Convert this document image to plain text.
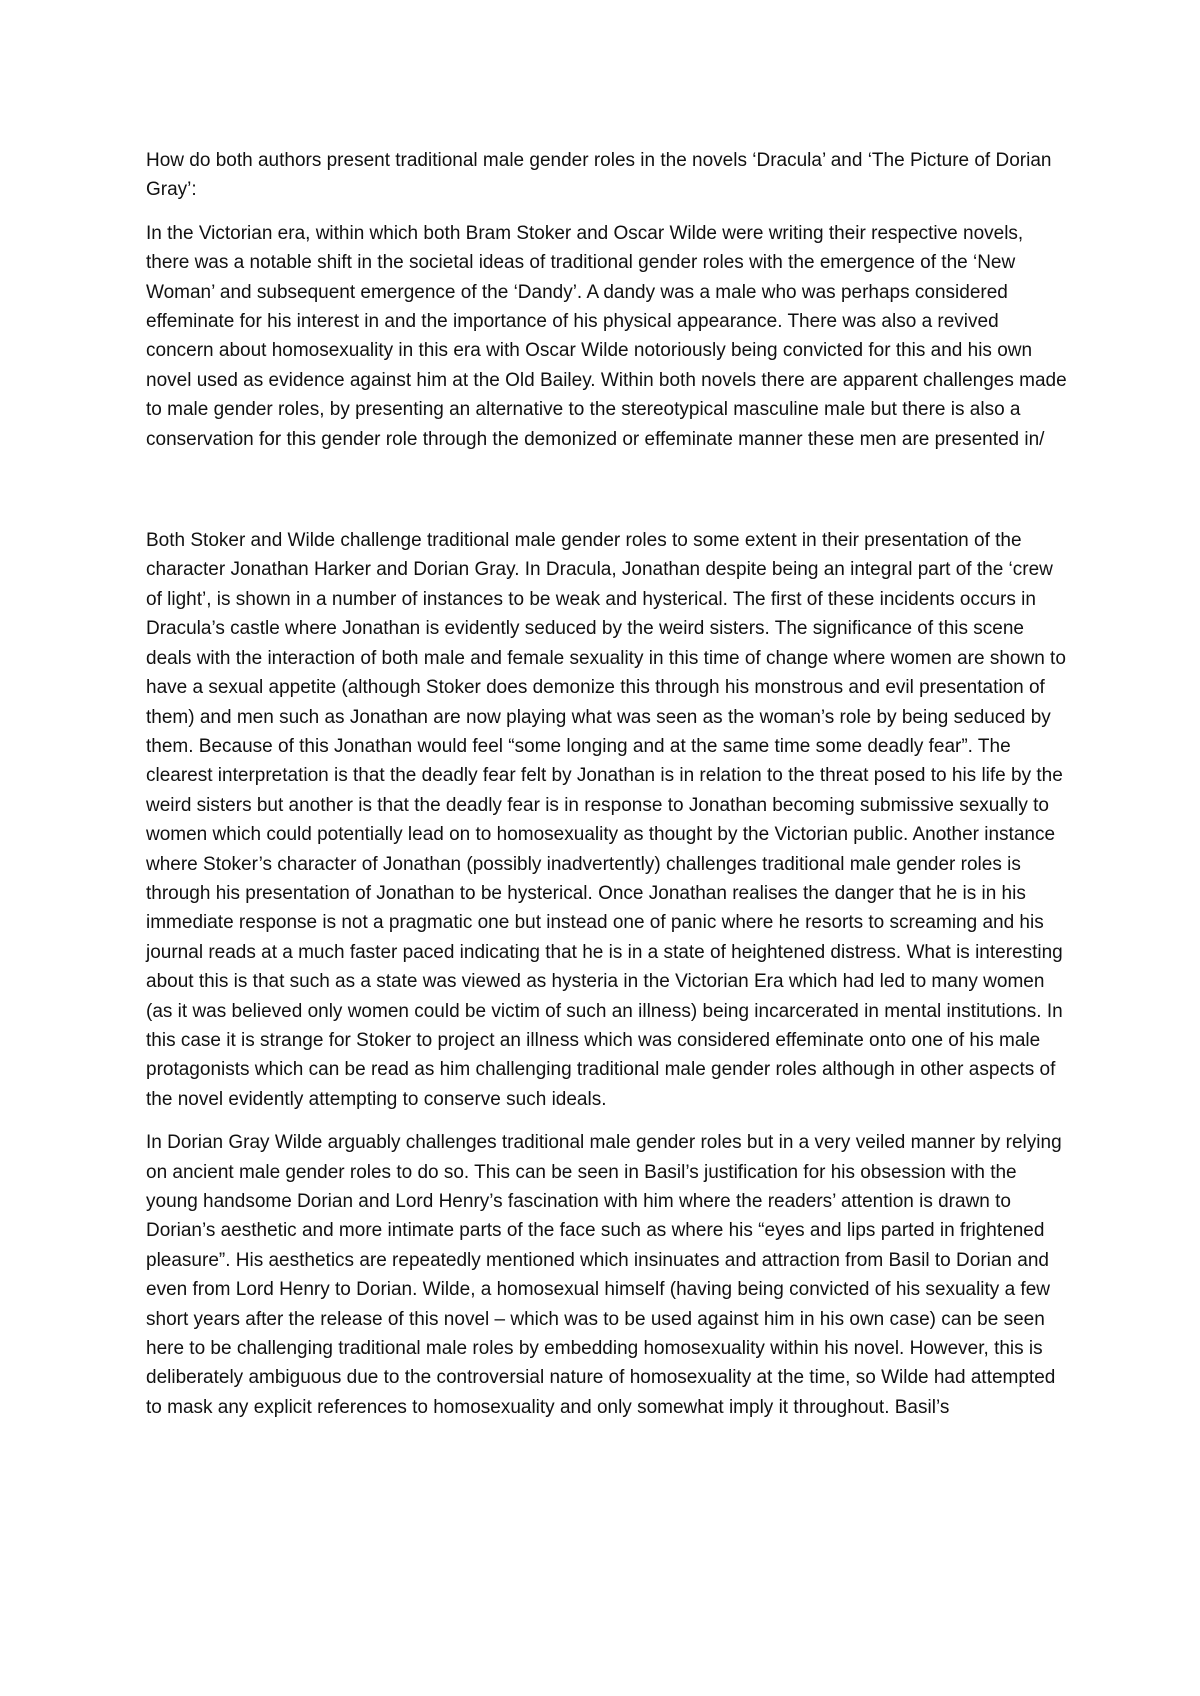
How do both authors present traditional male gender roles in the novels ‘Dracula’ and ‘The Picture of Dorian Gray’:

In the Victorian era, within which both Bram Stoker and Oscar Wilde were writing their respective novels, there was a notable shift in the societal ideas of traditional gender roles with the emergence of the ‘New Woman’ and subsequent emergence of the ‘Dandy’. A dandy was a male who was perhaps considered effeminate for his interest in and the importance of his physical appearance. There was also a revived concern about homosexuality in this era with Oscar Wilde notoriously being convicted for this and his own novel used as evidence against him at the Old Bailey. Within both novels there are apparent challenges made to male gender roles, by presenting an alternative to the stereotypical masculine male but there is also a conservation for this gender role through the demonized or effeminate manner these men are presented in/

Both Stoker and Wilde challenge traditional male gender roles to some extent in their presentation of the character Jonathan Harker and Dorian Gray. In Dracula, Jonathan despite being an integral part of the ‘crew of light’, is shown in a number of instances to be weak and hysterical. The first of these incidents occurs in Dracula’s castle where Jonathan is evidently seduced by the weird sisters. The significance of this scene deals with the interaction of both male and female sexuality in this time of change where women are shown to have a sexual appetite (although Stoker does demonize this through his monstrous and evil presentation of them) and men such as Jonathan are now playing what was seen as the woman’s role by being seduced by them. Because of this Jonathan would feel “some longing and at the same time some deadly fear”. The clearest interpretation is that the deadly fear felt by Jonathan is in relation to the threat posed to his life by the weird sisters but another is that the deadly fear is in response to Jonathan becoming submissive sexually to women which could potentially lead on to homosexuality as thought by the Victorian public. Another instance where Stoker’s character of Jonathan (possibly inadvertently) challenges traditional male gender roles is through his presentation of Jonathan to be hysterical. Once Jonathan realises the danger that he is in his immediate response is not a pragmatic one but instead one of panic where he resorts to screaming and his journal reads at a much faster paced indicating that he is in a state of heightened distress. What is interesting about this is that such as a state was viewed as hysteria in the Victorian Era which had led to many women (as it was believed only women could be victim of such an illness) being incarcerated in mental institutions. In this case it is strange for Stoker to project an illness which was considered effeminate onto one of his male protagonists which can be read as him challenging traditional male gender roles although in other aspects of the novel evidently attempting to conserve such ideals.

In Dorian Gray Wilde arguably challenges traditional male gender roles but in a very veiled manner by relying on ancient male gender roles to do so. This can be seen in Basil’s justification for his obsession with the young handsome Dorian and Lord Henry’s fascination with him where the readers’ attention is drawn to Dorian’s aesthetic and more intimate parts of the face such as where his “eyes and lips parted in frightened pleasure”. His aesthetics are repeatedly mentioned which insinuates and attraction from Basil to Dorian and even from Lord Henry to Dorian. Wilde, a homosexual himself (having being convicted of his sexuality a few short years after the release of this novel – which was to be used against him in his own case) can be seen here to be challenging traditional male roles by embedding homosexuality within his novel. However, this is deliberately ambiguous due to the controversial nature of homosexuality at the time, so Wilde had attempted to mask any explicit references to homosexuality and only somewhat imply it throughout. Basil’s
